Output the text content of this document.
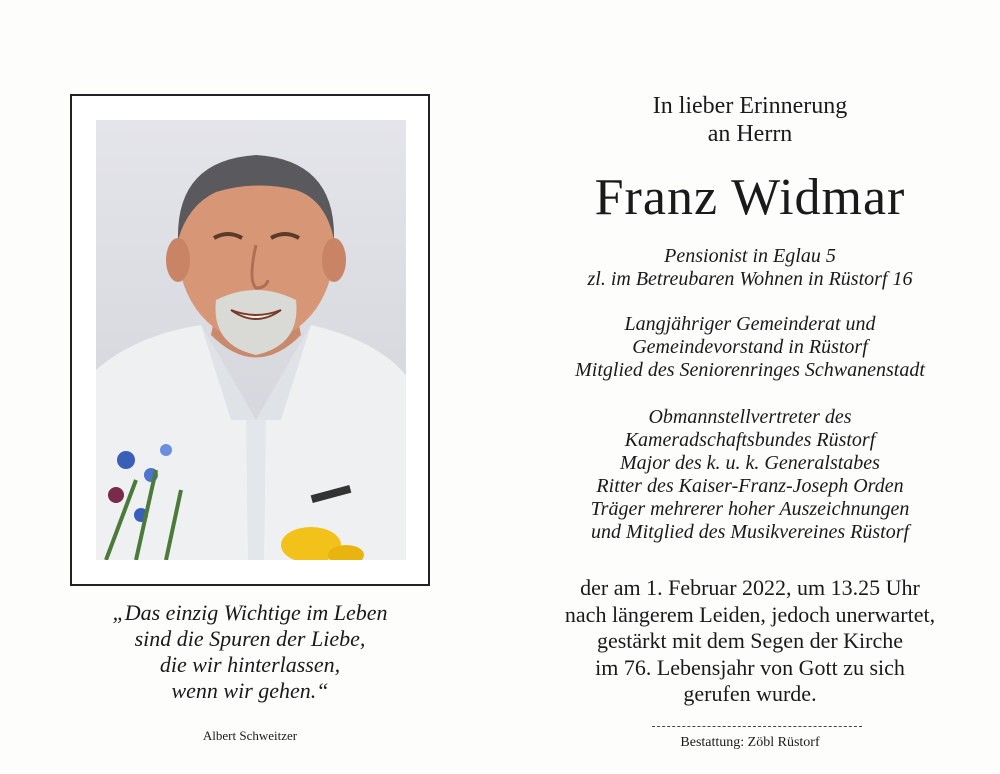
„Das einzig Wichtige im Leben
sind die Spuren der Liebe,
die wir hinterlassen,
wenn wir gehen.“
Albert Schweitzer
In lieber Erinnerung
an Herrn
Franz Widmar
Pensionist in Eglau 5
zl. im Betreubaren Wohnen in Rüstorf 16
Langjähriger Gemeinderat und
Gemeindevorstand in Rüstorf
Mitglied des Seniorenringes Schwanenstadt
Obmannstellvertreter des
Kameradschaftsbundes Rüstorf
Major des k. u. k. Generalstabes
Ritter des Kaiser-Franz-Joseph Orden
Träger mehrerer hoher Auszeichnungen
und Mitglied des Musikvereines Rüstorf
der am 1. Februar 2022, um 13.25 Uhr
nach längerem Leiden, jedoch unerwartet,
gestärkt mit dem Segen der Kirche
im 76. Lebensjahr von Gott zu sich
gerufen wurde.
Bestattung: Zöbl Rüstorf
